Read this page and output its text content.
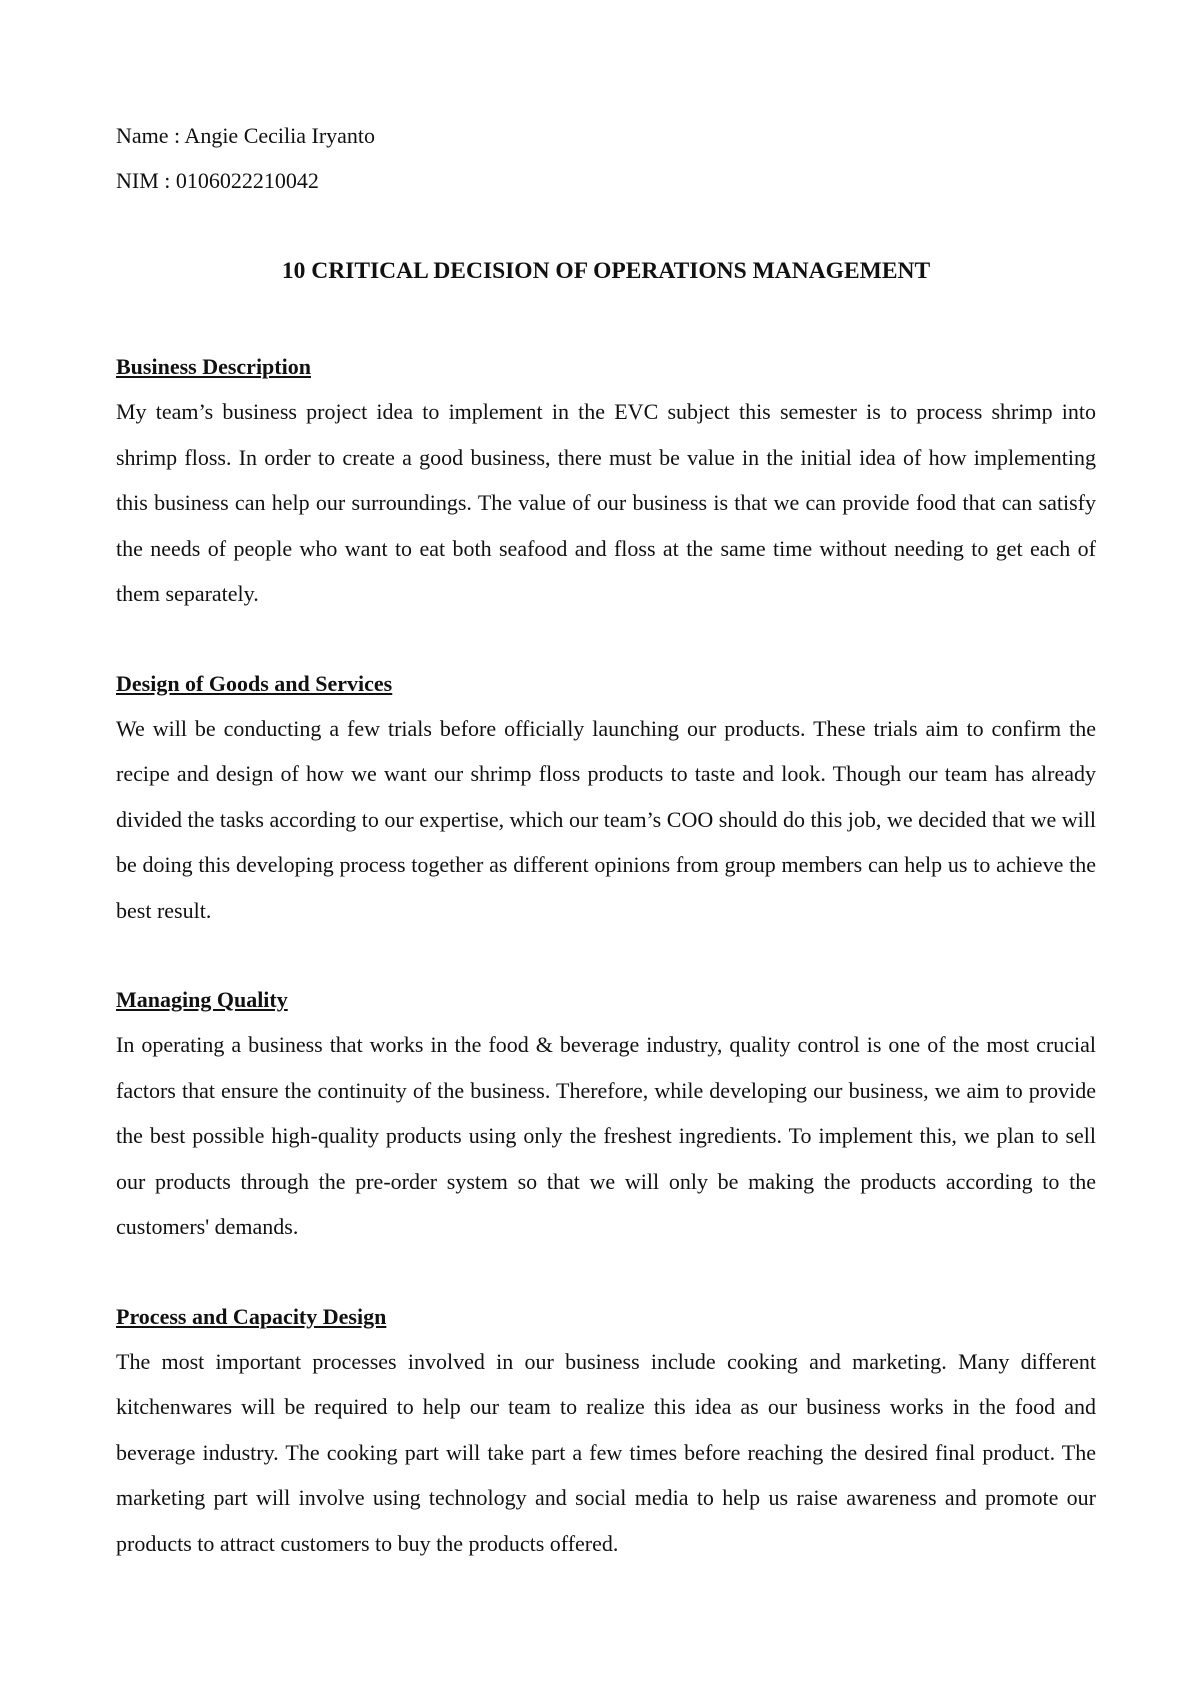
Name : Angie Cecilia Iryanto

NIM : 0106022210042

10 CRITICAL DECISION OF OPERATIONS MANAGEMENT
Business Description

My team’s business project idea to implement in the EVC subject this semester is to process shrimp into shrimp floss. In order to create a good business, there must be value in the initial idea of how implementing this business can help our surroundings. The value of our business is that we can provide food that can satisfy the needs of people who want to eat both seafood and floss at the same time without needing to get each of them separately.

Design of Goods and Services

We will be conducting a few trials before officially launching our products. These trials aim to confirm the recipe and design of how we want our shrimp floss products to taste and look. Though our team has already divided the tasks according to our expertise, which our team’s COO should do this job, we decided that we will be doing this developing process together as different opinions from group members can help us to achieve the best result.

Managing Quality

In operating a business that works in the food & beverage industry, quality control is one of the most crucial factors that ensure the continuity of the business. Therefore, while developing our business, we aim to provide the best possible high-quality products using only the freshest ingredients. To implement this, we plan to sell our products through the pre-order system so that we will only be making the products according to the customers' demands.

Process and Capacity Design

The most important processes involved in our business include cooking and marketing. Many different kitchenwares will be required to help our team to realize this idea as our business works in the food and beverage industry. The cooking part will take part a few times before reaching the desired final product. The marketing part will involve using technology and social media to help us raise awareness and promote our products to attract customers to buy the products offered.
